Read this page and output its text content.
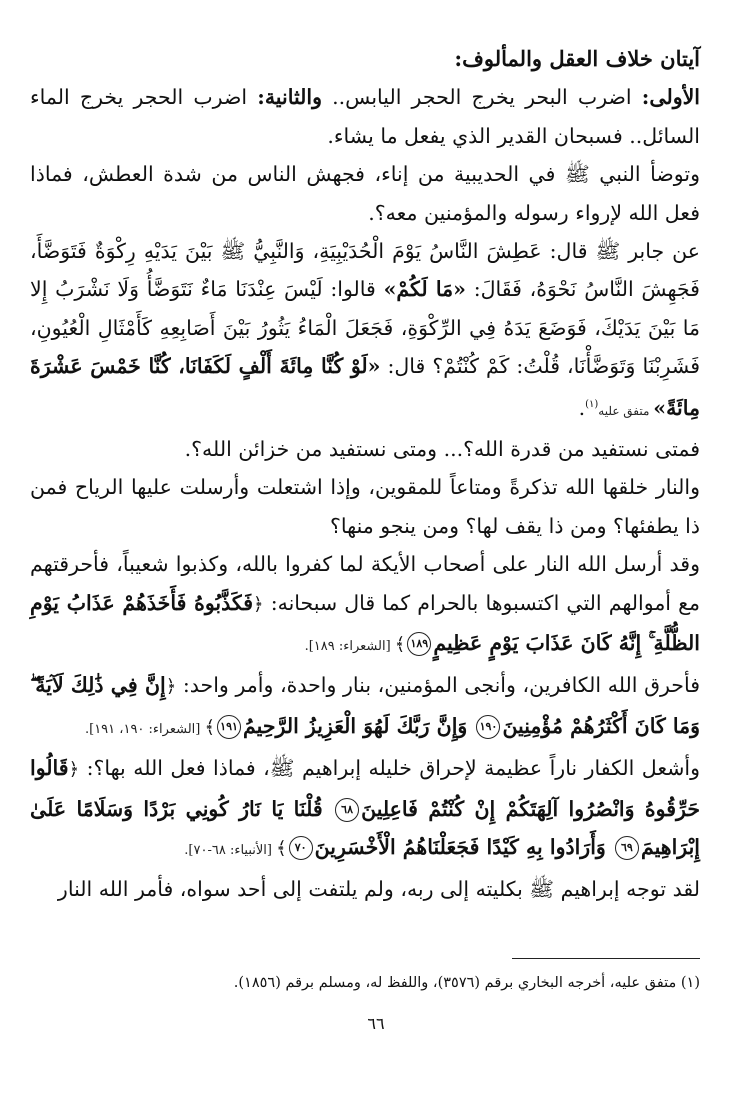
آيتان خلاف العقل والمألوف:

الأولى: اضرب البحر يخرج الحجر اليابس.. والثانية: اضرب الحجر يخرج الماء السائل.. فسبحان القدير الذي يفعل ما يشاء.

وتوضأ النبي ﷺ في الحديبية من إناء، فجهش الناس من شدة العطش، فماذا فعل الله لإرواء رسوله والمؤمنين معه؟.

عن جابر ﷺ قال: عَطِشَ النَّاسُ يَوْمَ الْحُدَيْبِيَةِ، وَالنَّبِيُّ ﷺ بَيْنَ يَدَيْهِ رِكْوَةٌ فَتَوَضَّأَ، فَجَهِشَ النَّاسُ نَحْوَهُ، فَقَالَ: «مَا لَكُمْ» قالوا: لَيْسَ عِنْدَنَا مَاءٌ نَتَوَضَّأُ وَلَا نَشْرَبُ إِلا مَا بَيْنَ يَدَيْكَ، فَوَضَعَ يَدَهُ فِي الرِّكْوَةِ، فَجَعَلَ الْمَاءُ يَثُورُ بَيْنَ أَصَابِعِهِ كَأَمْثَالِ الْعُيُونِ، فَشَرِبْنَا وَتَوَضَّأْنَا، قُلْتُ: كَمْ كُنْتُمْ؟ قال: «لَوْ كُنَّا مِائَةَ أَلْفٍ لَكَفَانَا، كُنَّا خَمْسَ عَشْرَةَ مِائَةً» متفق عليه$^{(١)}$.

فمتى نستفيد من قدرة الله؟... ومتى نستفيد من خزائن الله؟.

والنار خلقها الله تذكرةً ومتاعاً للمقوين، وإذا اشتعلت وأرسلت عليها الرياح فمن ذا يطفئها؟ ومن ذا يقف لها؟ ومن ينجو منها؟

وقد أرسل الله النار على أصحاب الأيكة لما كفروا بالله، وكذبوا شعيباً، فأحرقتهم مع أموالهم التي اكتسبوها بالحرام كما قال سبحانه: ﴿فَكَذَّبُوهُ فَأَخَذَهُمْ عَذَابُ يَوْمِ الظُّلَّةِ ۚ إِنَّهُ كَانَ عَذَابَ يَوْمٍ عَظِيمٍ١٨٩﴾ [الشعراء: ١٨٩].

فأحرق الله الكافرين، وأنجى المؤمنين، بنار واحدة، وأمر واحد: ﴿إِنَّ فِي ذَٰلِكَ لَآيَةً ۖ وَمَا كَانَ أَكْثَرُهُمْ مُؤْمِنِينَ١٩٠ وَإِنَّ رَبَّكَ لَهُوَ الْعَزِيزُ الرَّحِيمُ١٩١﴾ [الشعراء: ١٩٠، ١٩١].

وأشعل الكفار ناراً عظيمة لإحراق خليله إبراهيم ﷺ، فماذا فعل الله بها؟: ﴿قَالُوا حَرِّقُوهُ وَانْصُرُوا آلِهَتَكُمْ إِنْ كُنْتُمْ فَاعِلِينَ٦٨ قُلْنَا يَا نَارُ كُونِي بَرْدًا وَسَلَامًا عَلَىٰ إِبْرَاهِيمَ٦٩ وَأَرَادُوا بِهِ كَيْدًا فَجَعَلْنَاهُمُ الْأَخْسَرِينَ٧٠﴾ [الأنبياء: ٦٨-٧٠].

لقد توجه إبراهيم ﷺ بكليته إلى ربه، ولم يلتفت إلى أحد سواه، فأمر الله النار

(١) متفق عليه، أخرجه البخاري برقم (٣٥٧٦)، واللفظ له، ومسلم برقم (١٨٥٦).
٦٦
